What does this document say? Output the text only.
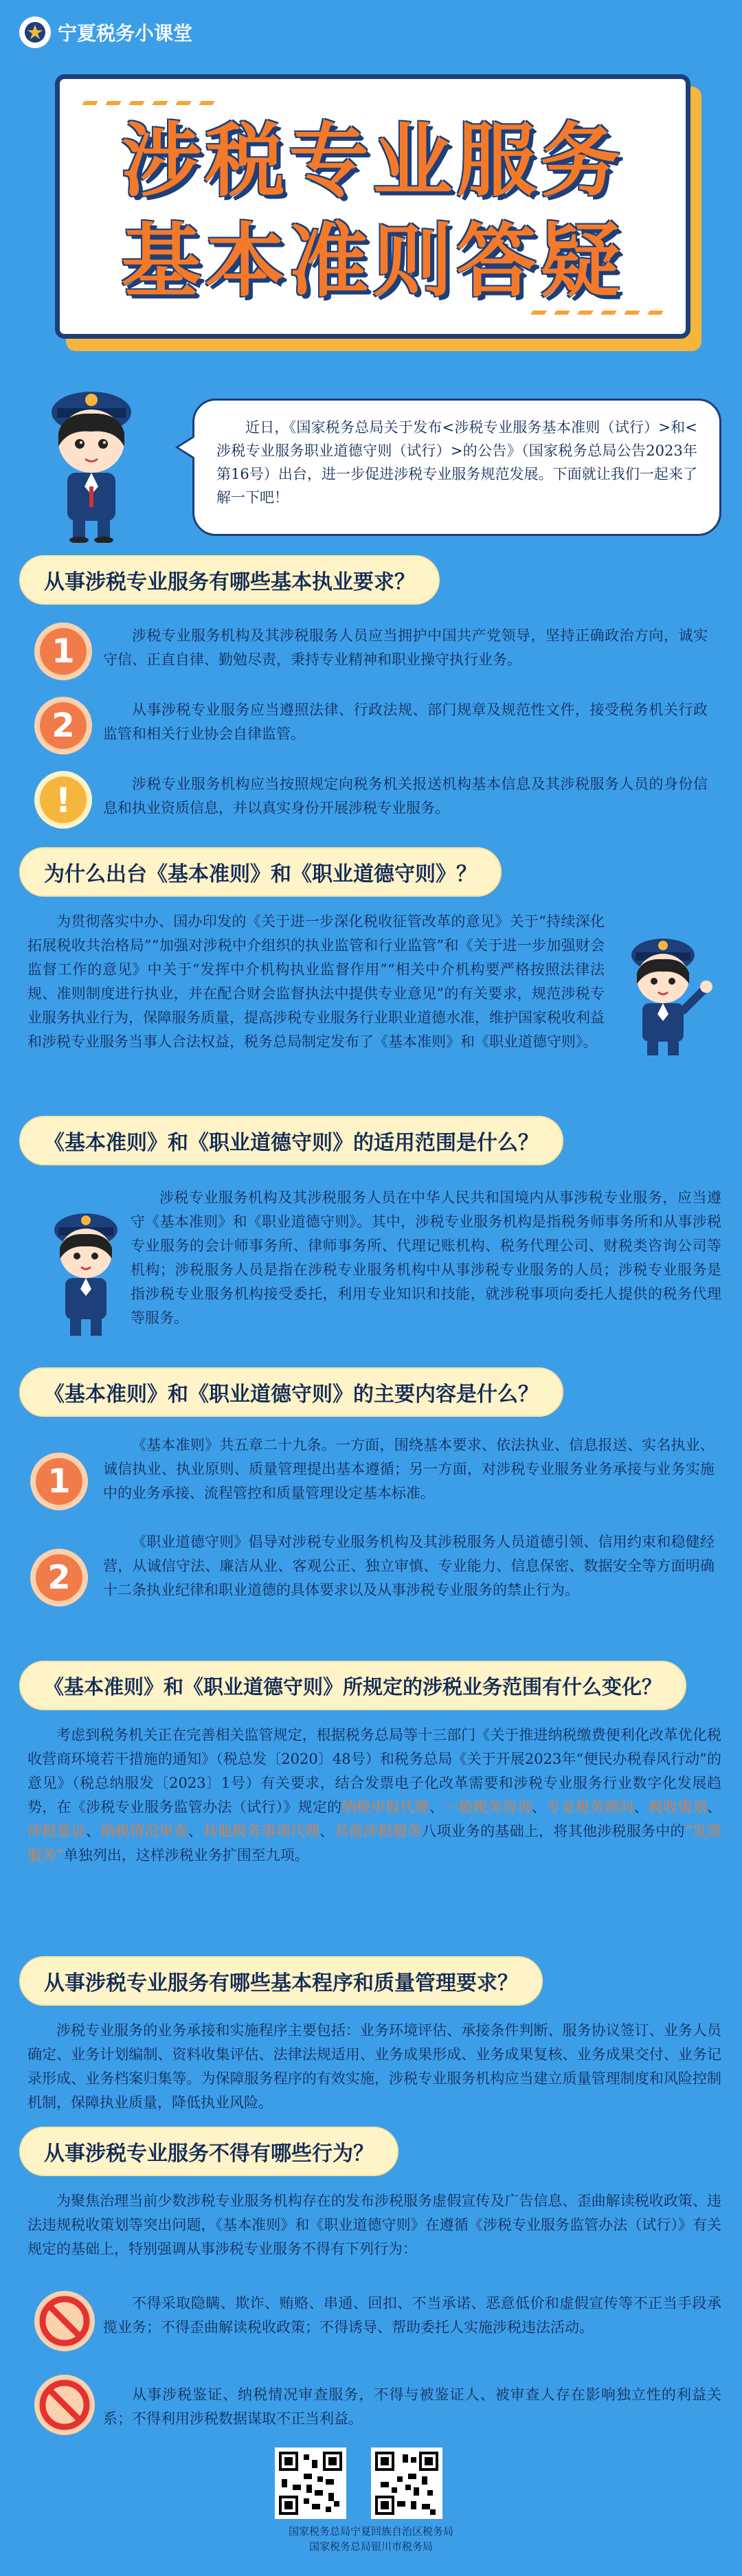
宁夏税务小课堂
涉税专业服务
基本准则答疑
近日，《国家税务总局关于发布<涉税专业服务基本准则（试行）>和<涉税专业服务职业道德守则（试行）>的公告》（国家税务总局公告2023年第16号）出台，进一步促进涉税专业服务规范发展。下面就让我们一起来了解一下吧！
从事涉税专业服务有哪些基本执业要求？
1	涉税专业服务机构及其涉税服务人员应当拥护中国共产党领导，坚持正确政治方向，诚实守信、正直自律、勤勉尽责，秉持专业精神和职业操守执行业务。
2	从事涉税专业服务应当遵照法律、行政法规、部门规章及规范性文件，接受税务机关行政监管和相关行业协会自律监管。
!	涉税专业服务机构应当按照规定向税务机关报送机构基本信息及其涉税服务人员的身份信息和执业资质信息，并以真实身份开展涉税专业服务。
为什么出台《基本准则》和《职业道德守则》？
为贯彻落实中办、国办印发的《关于进一步深化税收征管改革的意见》关于“持续深化拓展税收共治格局”“加强对涉税中介组织的执业监管和行业监管”和《关于进一步加强财会监督工作的意见》中关于“发挥中介机构执业监督作用”“相关中介机构要严格按照法律法规、准则制度进行执业，并在配合财会监督执法中提供专业意见”的有关要求，规范涉税专业服务执业行为，保障服务质量，提高涉税专业服务行业职业道德水准，维护国家税收利益和涉税专业服务当事人合法权益，税务总局制定发布了《基本准则》和《职业道德守则》。
《基本准则》和《职业道德守则》的适用范围是什么？
涉税专业服务机构及其涉税服务人员在中华人民共和国境内从事涉税专业服务，应当遵守《基本准则》和《职业道德守则》。其中，涉税专业服务机构是指税务师事务所和从事涉税专业服务的会计师事务所、律师事务所、代理记账机构、税务代理公司、财税类咨询公司等机构；涉税服务人员是指在涉税专业服务机构中从事涉税专业服务的人员；涉税专业服务是指涉税专业服务机构接受委托，利用专业知识和技能，就涉税事项向委托人提供的税务代理等服务。
《基本准则》和《职业道德守则》的主要内容是什么？
1
《基本准则》共五章二十九条。一方面，围绕基本要求、依法执业、信息报送、实名执业、诚信执业、执业原则、质量管理提出基本遵循；另一方面，对涉税专业服务业务承接与业务实施中的业务承接、流程管控和质量管理设定基本标准。
2
《职业道德守则》倡导对涉税专业服务机构及其涉税服务人员道德引领、信用约束和稳健经营，从诚信守法、廉洁从业、客观公正、独立审慎、专业能力、信息保密、数据安全等方面明确十二条执业纪律和职业道德的具体要求以及从事涉税专业服务的禁止行为。
《基本准则》和《职业道德守则》所规定的涉税业务范围有什么变化？
考虑到税务机关正在完善相关监管规定，根据税务总局等十三部门《关于推进纳税缴费便利化改革优化税收营商环境若干措施的通知》（税总发〔2020〕48号）和税务总局《关于开展2023年“便民办税春风行动”的意见》（税总纳服发〔2023〕1号）有关要求，结合发票电子化改革需要和涉税专业服务行业数字化发展趋势，在《涉税专业服务监管办法（试行）》规定的纳税申报代理、一般税务咨询、专业税务顾问、税收策划、涉税鉴证、纳税情况审查、其他税务事项代理、其他涉税服务八项业务的基础上，将其他涉税服务中的“发票服务”单独列出，这样涉税业务扩围至九项。
从事涉税专业服务有哪些基本程序和质量管理要求？
涉税专业服务的业务承接和实施程序主要包括：业务环境评估、承接条件判断、服务协议签订、业务人员确定、业务计划编制、资料收集评估、法律法规适用、业务成果形成、业务成果复核、业务成果交付、业务记录形成、业务档案归集等。为保障服务程序的有效实施，涉税专业服务机构应当建立质量管理制度和风险控制机制，保障执业质量，降低执业风险。
从事涉税专业服务不得有哪些行为？
为聚焦治理当前少数涉税专业服务机构存在的发布涉税服务虚假宣传及广告信息、歪曲解读税收政策、违法违规税收策划等突出问题，《基本准则》和《职业道德守则》在遵循《涉税专业服务监管办法（试行）》有关规定的基础上，特别强调从事涉税专业服务不得有下列行为：
不得采取隐瞒、欺诈、贿赂、串通、回扣、不当承诺、恶意低价和虚假宣传等不正当手段承揽业务；不得歪曲解读税收政策；不得诱导、帮助委托人实施涉税违法活动。
从事涉税鉴证、纳税情况审查服务，不得与被鉴证人、被审查人存在影响独立性的利益关系；不得利用涉税数据谋取不正当利益。
国家税务总局宁夏回族自治区税务局
国家税务总局银川市税务局
